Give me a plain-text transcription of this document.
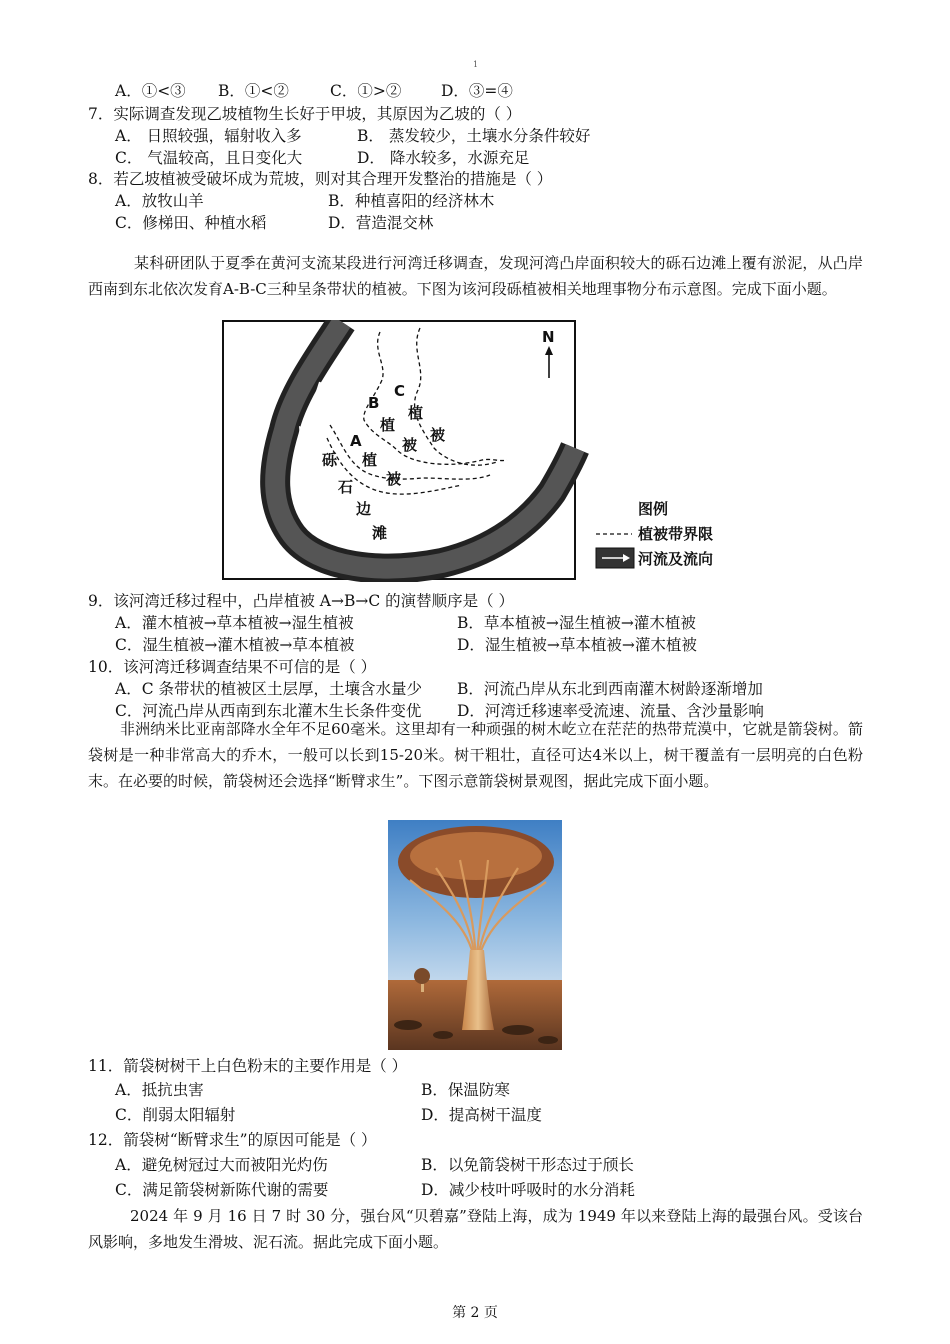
1
A．①<③ B．①<②	C．①>②	D．③=④
7．实际调查发现乙坡植物生长好于甲坡，其原因为乙坡的（ ）
A． 日照较强，辐射收入多	B． 蒸发较少，土壤水分条件较好
C． 气温较高，且日变化大	D． 降水较多，水源充足
8．若乙坡植被受破坏成为荒坡，则对其合理开发整治的措施是（ ）
A．放牧山羊	B．种植喜阳的经济林木
C．修梯田、种植水稻	D．营造混交林
某科研团队于夏季在黄河支流某段进行河湾迁移调查，发现河湾凸岸面积较大的砾石边滩上覆有淤泥，从凸岸西南到东北依次发育A-B-C三种呈条带状的植被。下图为该河段砾植被相关地理事物分布示意图。完成下面小题。
N
C
B
植
植
被
被
A
植
被
砾
石
边
滩
图例
植被带界限
河流及流向
9．该河湾迁移过程中，凸岸植被 A→B→C 的演替顺序是（ ）
A．灌木植被→草本植被→湿生植被	B．草本植被→湿生植被→灌木植被
C．湿生植被→灌木植被→草本植被	D．湿生植被→草本植被→灌木植被
10．该河湾迁移调查结果不可信的是（ ）
A．C 条带状的植被区土层厚，土壤含水量少 B．河流凸岸从东北到西南灌木树龄逐渐增加
C．河流凸岸从西南到东北灌木生长条件变优 D．河湾迁移速率受流速、流量、含沙量影响
非洲纳米比亚南部降水全年不足60毫米。这里却有一种顽强的树木屹立在茫茫的热带荒漠中，它就是箭袋树。箭袋树是一种非常高大的乔木，一般可以长到15-20米。树干粗壮，直径可达4米以上，树干覆盖有一层明亮的白色粉末。在必要的时候，箭袋树还会选择“断臂求生”。下图示意箭袋树景观图，据此完成下面小题。
11．箭袋树树干上白色粉末的主要作用是（ ）
A．抵抗虫害	B．保温防寒
C．削弱太阳辐射	D．提高树干温度
12．箭袋树“断臂求生”的原因可能是（ ）
A．避免树冠过大而被阳光灼伤	B．以免箭袋树干形态过于颀长
C．满足箭袋树新陈代谢的需要	D．减少枝叶呼吸时的水分消耗
2024 年 9 月 16 日 7 时 30 分，强台风“贝碧嘉”登陆上海，成为 1949 年以来登陆上海的最强台风。受该台风影响，多地发生滑坡、泥石流。据此完成下面小题。
第 2 页
